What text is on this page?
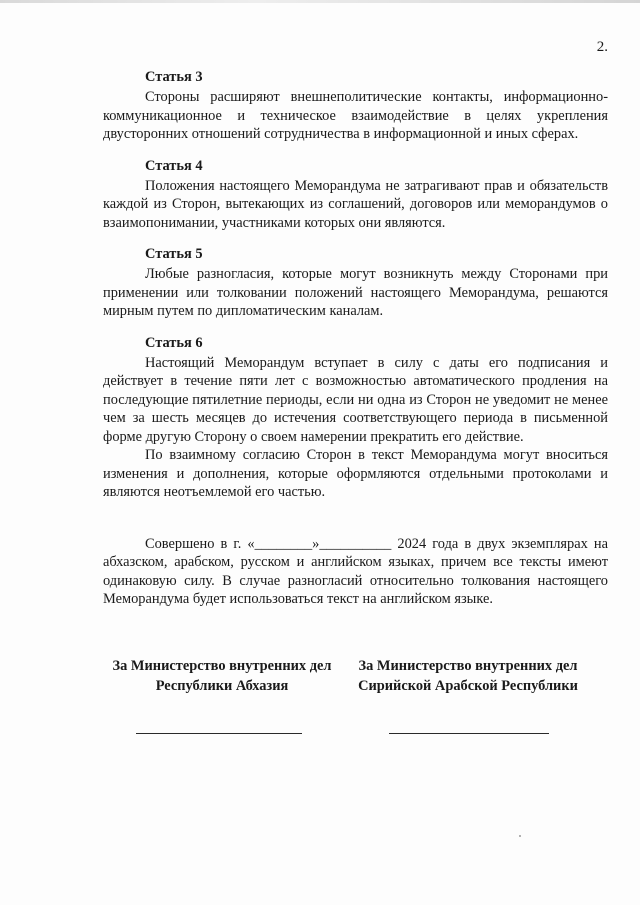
2.
Статья 3

Стороны расширяют внешнеполитические контакты, информационно-коммуникационное и техническое взаимодействие в целях укрепления двусторонних отношений сотрудничества в информационной и иных сферах.

Статья 4

Положения настоящего Меморандума не затрагивают прав и обязательств каждой из Сторон, вытекающих из соглашений, договоров или меморандумов о взаимопонимании, участниками которых они являются.

Статья 5

Любые разногласия, которые могут возникнуть между Сторонами при применении или толковании положений настоящего Меморандума, решаются мирным путем по дипломатическим каналам.

Статья 6

Настоящий Меморандум вступает в силу с даты его подписания и действует в течение пяти лет с возможностью автоматического продления на последующие пятилетние периоды, если ни одна из Сторон не уведомит не менее чем за шесть месяцев до истечения соответствующего периода в письменной форме другую Сторону о своем намерении прекратить его действие.

По взаимному согласию Сторон в текст Меморандума могут вноситься изменения и дополнения, которые оформляются отдельными протоколами и являются неотъемлемой его частью.

Совершено в г. «________»__________ 2024 года в двух экземплярах на абхазском, арабском, русском и английском языках, причем все тексты имеют одинаковую силу. В случае разногласий относительно толкования настоящего Меморандума будет использоваться текст на английском языке.

За Министерство внутренних дел
Республики Абхазия
За Министерство внутренних дел
Сирийской Арабской Республики
